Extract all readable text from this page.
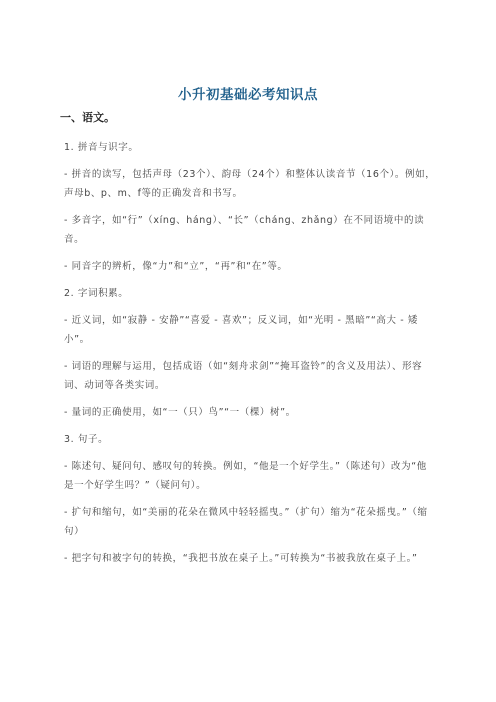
小升初基础必考知识点
一、语文。
1. 拼音与识字。
- 拼音的读写，包括声母（23个）、韵母（24个）和整体认读音节（16个）。例如，声母b、p、m、f等的正确发音和书写。
- 多音字，如“行”（xíng、háng）、“长”（cháng、zhǎng）在不同语境中的读音。
- 同音字的辨析，像“力”和“立”，“再”和“在”等。
2. 字词积累。
- 近义词，如“寂静 - 安静”“喜爱 - 喜欢”；反义词，如“光明 - 黑暗”“高大 - 矮小”。
- 词语的理解与运用，包括成语（如“刻舟求剑”“掩耳盗铃”的含义及用法）、形容词、动词等各类实词。
- 量词的正确使用，如“一（只）鸟”“一（棵）树”。
3. 句子。
- 陈述句、疑问句、感叹句的转换。例如，“他是一个好学生。”（陈述句）改为“他是一个好学生吗？”（疑问句）。
- 扩句和缩句，如“美丽的花朵在微风中轻轻摇曳。”（扩句）缩为“花朵摇曳。”（缩句）
- 把字句和被字句的转换，“我把书放在桌子上。”可转换为“书被我放在桌子上。”
